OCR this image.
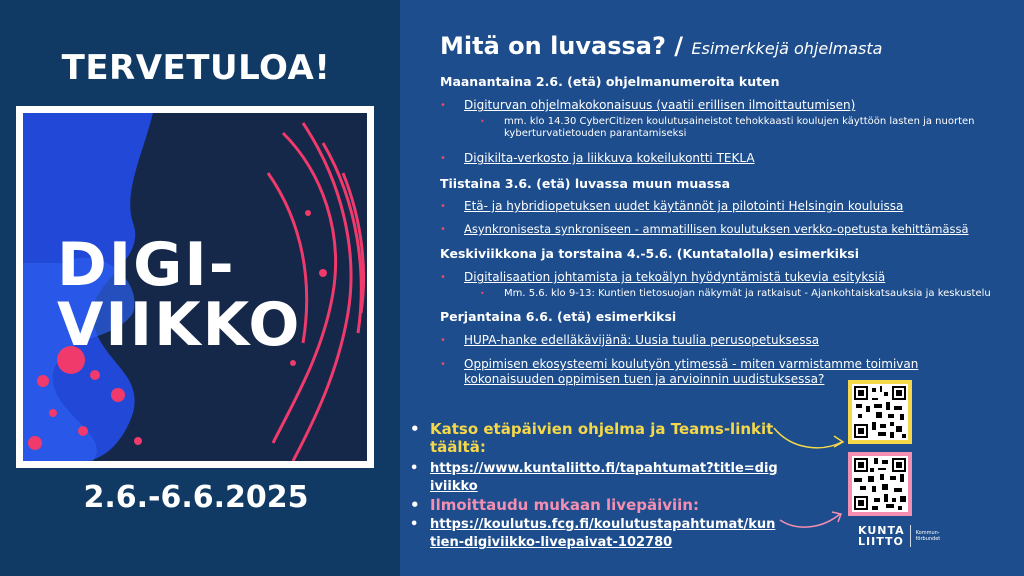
TERVETULOA!
DIGI-
VIIKKO
2.6.-6.6.2025
Mitä on luvassa? / Esimerkkejä ohjelmasta
Maanantaina 2.6. (etä) ohjelmanumeroita kuten
•	Digiturvan ohjelmakokonaisuus (vaatii erillisen ilmoittautumisen)
•	mm. klo 14.30 CyberCitizen koulutusaineistot tehokkaasti koulujen käyttöön lasten ja nuorten kyberturvatietouden parantamiseksi
•	Digikilta-verkosto ja liikkuva kokeilukontti TEKLA
Tiistaina 3.6. (etä) luvassa muun muassa
•	Etä- ja hybridiopetuksen uudet käytännöt ja pilotointi Helsingin kouluissa
•	Asynkronisesta synkroniseen - ammatillisen koulutuksen verkko-opetusta kehittämässä
Keskiviikkona ja torstaina 4.-5.6. (Kuntatalolla) esimerkiksi
•	Digitalisaation johtamista ja tekoälyn hyödyntämistä tukevia esityksiä
•	Mm. 5.6. klo 9-13: Kuntien tietosuojan näkymät ja ratkaisut - Ajankohtaiskatsauksia ja keskustelu
Perjantaina 6.6. (etä) esimerkiksi
•	HUPA-hanke edelläkävijänä: Uusia tuulia perusopetuksessa
•	Oppimisen ekosysteemi koulutyön ytimessä - miten varmistamme toimivan kokonaisuuden oppimisen tuen ja arvioinnin uudistuksessa?
• Katso etäpäivien ohjelma ja Teams-linkit täältä:
• https://www.kuntaliitto.fi/tapahtumat?title=digiviikko
• Ilmoittaudu mukaan livepäiviin:
• https://koulutus.fcg.fi/koulutustapahtumat/kuntien-digiviikko-livepaivat-102780
KUNTA
LIITTO
Kommun-
förbundet
